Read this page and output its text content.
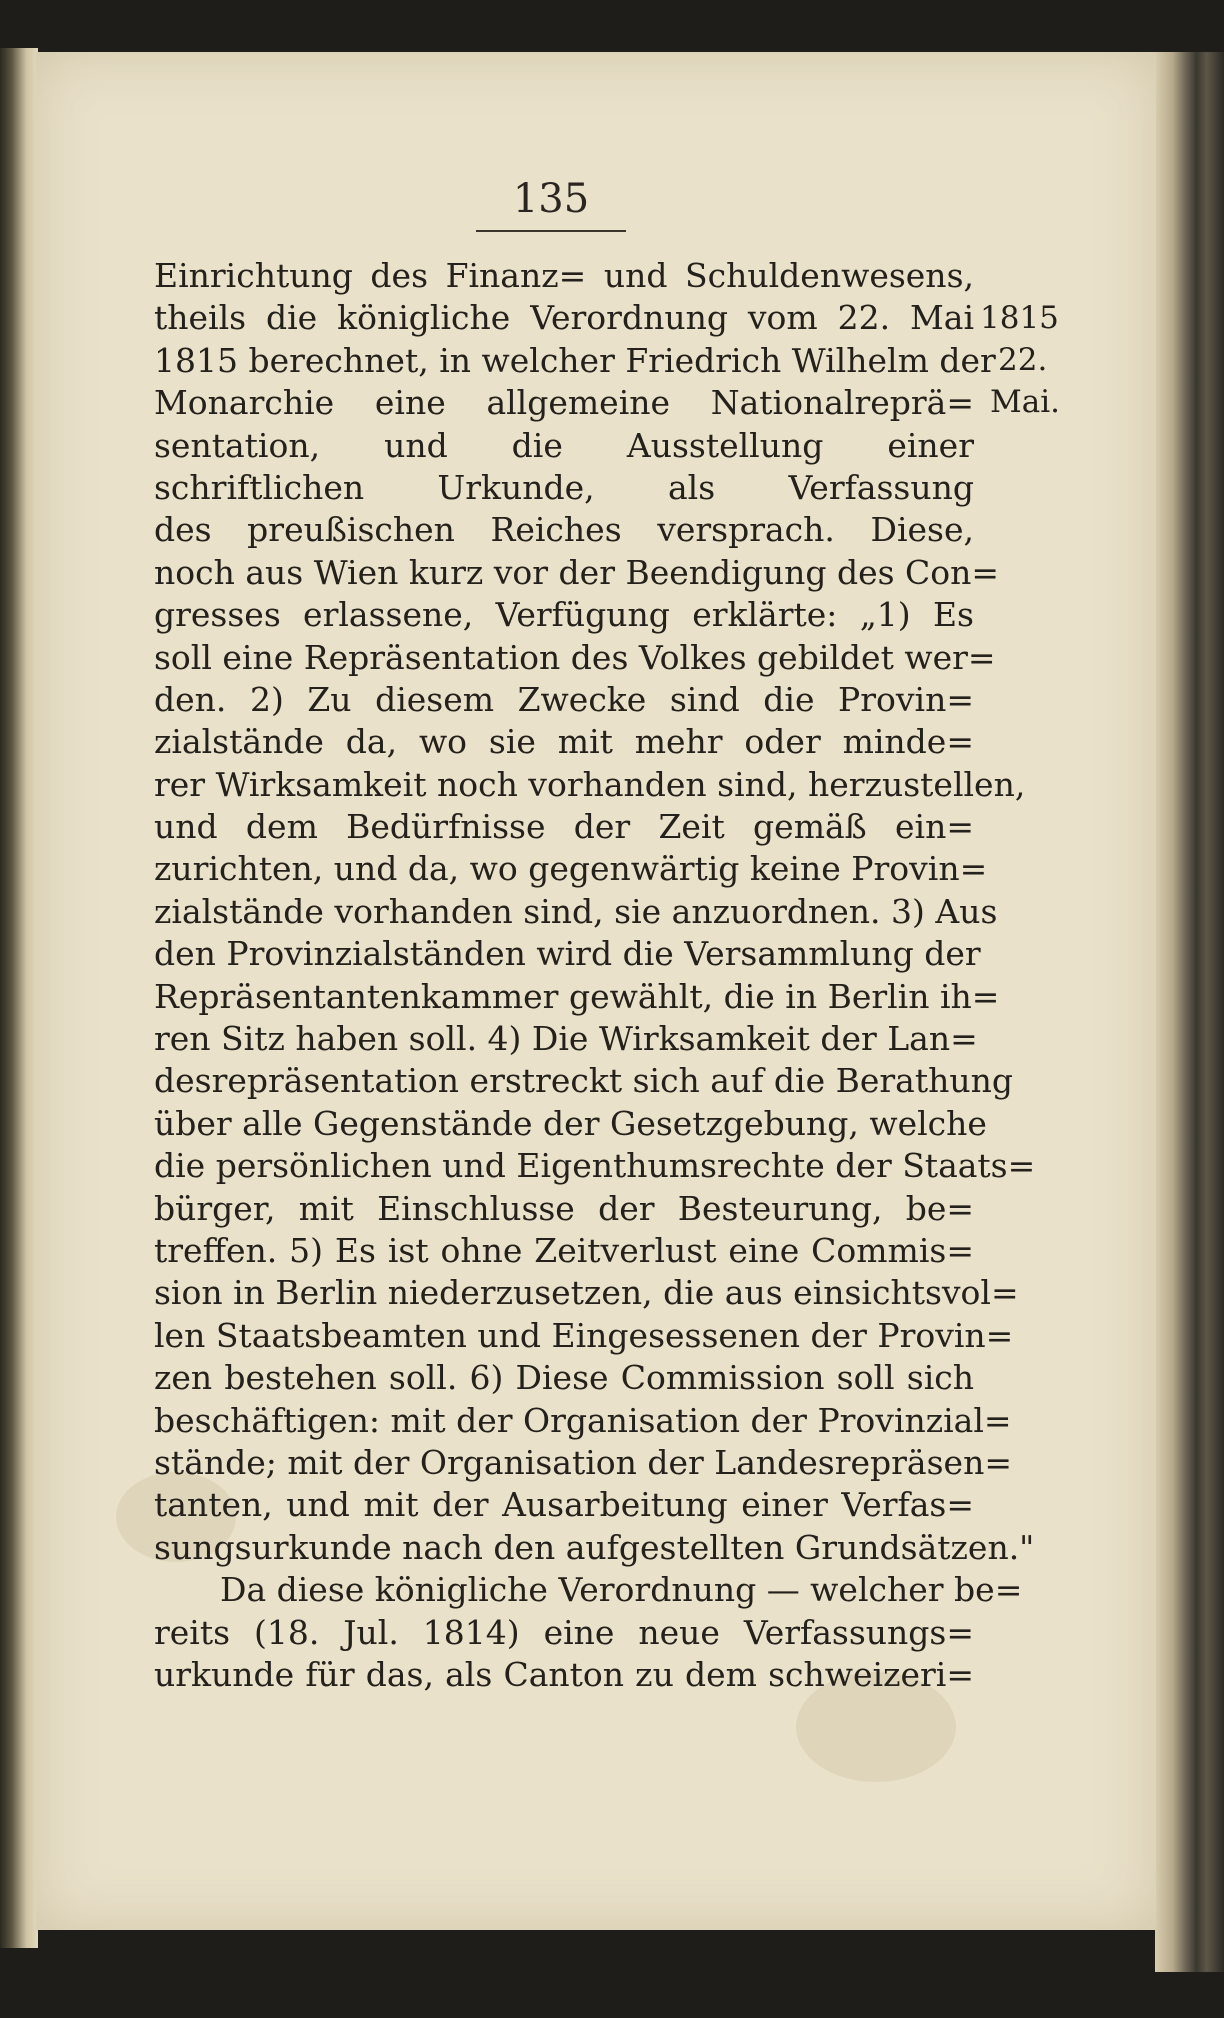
135
Einrichtung des Finanz= und Schuldenwesens,
theils die königliche Verordnung vom 22. Mai
1815 berechnet, in welcher Friedrich Wilhelm der
Monarchie eine allgemeine Nationalreprä=
sentation, und die Ausstellung einer
schriftlichen Urkunde, als Verfassung
des preußischen Reiches versprach. Diese,
noch aus Wien kurz vor der Beendigung des Con=
gresses erlassene, Verfügung erklärte: „1) Es
soll eine Repräsentation des Volkes gebildet wer=
den. 2) Zu diesem Zwecke sind die Provin=
zialstände da, wo sie mit mehr oder minde=
rer Wirksamkeit noch vorhanden sind, herzustellen,
und dem Bedürfnisse der Zeit gemäß ein=
zurichten, und da, wo gegenwärtig keine Provin=
zialstände vorhanden sind, sie anzuordnen. 3) Aus
den Provinzialständen wird die Versammlung der
Repräsentantenkammer gewählt, die in Berlin ih=
ren Sitz haben soll. 4) Die Wirksamkeit der Lan=
desrepräsentation erstreckt sich auf die Berathung
über alle Gegenstände der Gesetzgebung, welche
die persönlichen und Eigenthumsrechte der Staats=
bürger, mit Einschlusse der Besteurung, be=
treffen. 5) Es ist ohne Zeitverlust eine Commis=
sion in Berlin niederzusetzen, die aus einsichtsvol=
len Staatsbeamten und Eingesessenen der Provin=
zen bestehen soll. 6) Diese Commission soll sich
beschäftigen: mit der Organisation der Provinzial=
stände; mit der Organisation der Landesrepräsen=
tanten, und mit der Ausarbeitung einer Verfas=
sungsurkunde nach den aufgestellten Grundsätzen."
Da diese königliche Verordnung — welcher be=
reits (18. Jul. 1814) eine neue Verfassungs=
urkunde für das, als Canton zu dem schweizeri=
1815
22.
Mai.
